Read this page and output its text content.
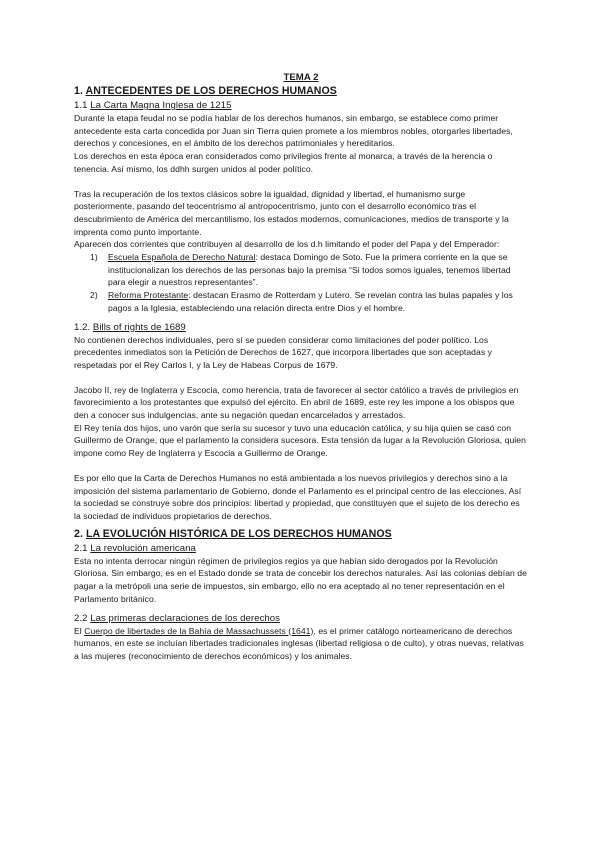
TEMA 2
1. ANTECEDENTES DE LOS DERECHOS HUMANOS
1.1 La Carta Magna Inglesa de 1215

Durante la etapa feudal no se podía hablar de los derechos humanos, sin embargo, se establece como primer antecedente esta carta concedida por Juan sin Tierra quien promete a los miembros nobles, otorgarles libertades, derechos y concesiones, en el ámbito de los derechos patrimoniales y hereditarios.

Los derechos en esta época eran considerados como privilegios frente al monarca, a través de la herencia o tenencia. Así mismo, los ddhh surgen unidos al poder político.

Tras la recuperación de los textos clásicos sobre la igualdad, dignidad y libertad, el humanismo surge posteriormente, pasando del teocentrismo al antropocentrismo, junto con el desarrollo económico tras el descubrimiento de América del mercantilismo, los estados modernos, comunicaciones, medios de transporte y la imprenta como punto importante.

Aparecen dos corrientes que contribuyen al desarrollo de los d.h limitando el poder del Papa y del Emperador:

1) Escuela Española de Derecho Natural: destaca Domingo de Soto. Fue la primera corriente en la que se institucionalizan los derechos de las personas bajo la premisa “Si todos somos iguales, tenemos libertad para elegir a nuestros representantes”.
2) Reforma Protestante: destacan Erasmo de Rotterdam y Lutero. Se revelan contra las bulas papales y los pagos a la Iglesia, estableciendo una relación directa entre Dios y el hombre.
1.2. Bills of rights de 1689

No contienen derechos individuales, pero sí se pueden considerar como limitaciones del poder político. Los precedentes inmediatos son la Petición de Derechos de 1627, que incorpora libertades que son aceptadas y respetadas por el Rey Carlos I, y la Ley de Habeas Corpus de 1679.

Jacobo II, rey de Inglaterra y Escocia, como herencia, trata de favorecer al sector católico a través de privilegios en favorecimiento a los protestantes que expulsó del ejército. En abril de 1689, este rey les impone a los obispos que den a conocer sus indulgencias, ante su negación quedan encarcelados y arrestados.

El Rey tenía dos hijos, uno varón que sería su sucesor y tuvo una educación católica, y su hija quien se casó con Guillermo de Orange, que el parlamento la considera sucesora. Esta tensión da lugar a la Revolución Gloriosa, quien impone como Rey de Inglaterra y Escocia a Guillermo de Orange.

Es por ello que la Carta de Derechos Humanos no está ambientada a los nuevos privilegios y derechos sino a la imposición del sistema parlamentario de Gobierno, donde el Parlamento es el principal centro de las elecciones. Así la sociedad se construye sobre dos principios: libertad y propiedad, que constituyen que el sujeto de los derecho es la sociedad de individuos propietarios de derechos.

2. LA EVOLUCIÓN HISTÓRICA DE LOS DERECHOS HUMANOS
2.1 La revolución americana

Esta no intenta derrocar ningún régimen de privilegios regios ya que habían sido derogados por la Revolución Gloriosa. Sin embargo, es en el Estado donde se trata de concebir los derechos naturales. Así las colonias debían de pagar a la metrópoli una serie de impuestos, sin embargo, ello no era aceptado al no tener representación en el Parlamento británico.

2.2 Las primeras declaraciones de los derechos

El Cuerpo de libertades de la Bahía de Massachussets (1641), es el primer catálogo norteamericano de derechos humanos, en este se incluían libertades tradicionales inglesas (libertad religiosa o de culto), y otras nuevas, relativas a las mujeres (reconocimiento de derechos económicos) y los animales.
